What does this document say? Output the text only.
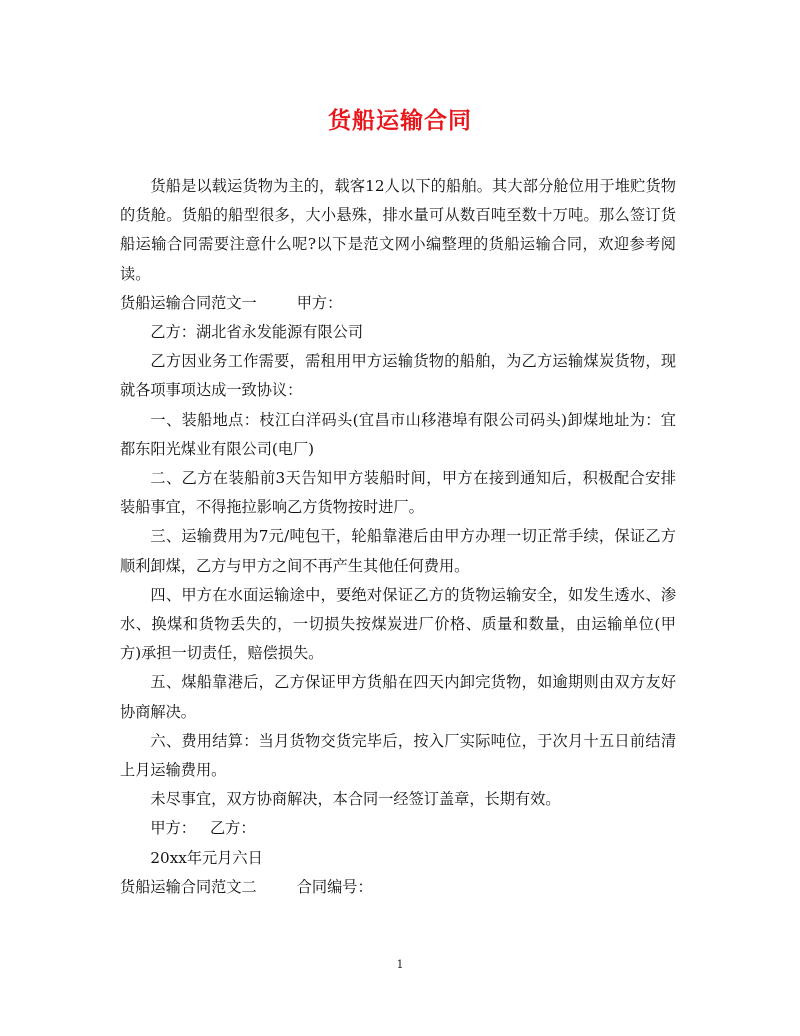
货船运输合同

货船是以载运货物为主的，载客12人以下的船舶。其大部分舱位用于堆贮货物的货舱。货船的船型很多，大小悬殊，排水量可从数百吨至数十万吨。那么签订货船运输合同需要注意什么呢?以下是范文网小编整理的货船运输合同，欢迎参考阅读。

货船运输合同范文一	甲方：

乙方：湖北省永发能源有限公司

乙方因业务工作需要，需租用甲方运输货物的船舶，为乙方运输煤炭货物，现就各项事项达成一致协议：

一、装船地点：枝江白洋码头(宜昌市山移港埠有限公司码头)卸煤地址为：宜都东阳光煤业有限公司(电厂)

二、乙方在装船前3天告知甲方装船时间，甲方在接到通知后，积极配合安排装船事宜，不得拖拉影响乙方货物按时进厂。

三、运输费用为7元/吨包干，轮船靠港后由甲方办理一切正常手续，保证乙方顺利卸煤，乙方与甲方之间不再产生其他任何费用。

四、甲方在水面运输途中，要绝对保证乙方的货物运输安全，如发生透水、渗水、换煤和货物丢失的，一切损失按煤炭进厂价格、质量和数量，由运输单位(甲方)承担一切责任，赔偿损失。

五、煤船靠港后，乙方保证甲方货船在四天内卸完货物，如逾期则由双方友好协商解决。

六、费用结算：当月货物交货完毕后，按入厂实际吨位，于次月十五日前结清上月运输费用。

未尽事宜，双方协商解决，本合同一经签订盖章，长期有效。

甲方： 乙方：

20xx年元月六日

货船运输合同范文二	合同编号：

1
